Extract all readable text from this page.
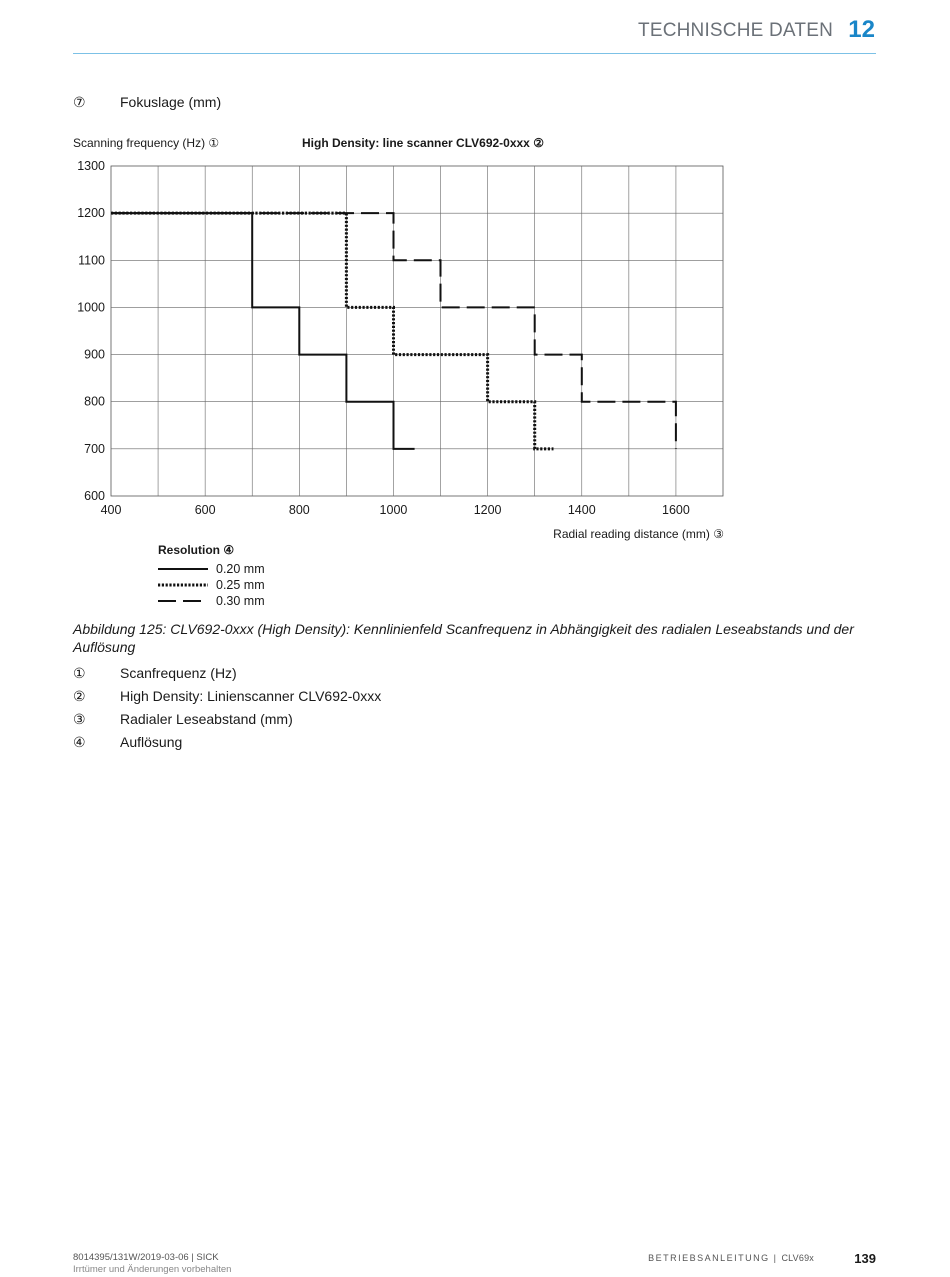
TECHNISCHE DATEN 12
⑦	Fokuslage (mm)
600
700
800
900
1000
1100
1200
1300
400	600	800	1000	1200	1400	1600
Scanning frequency (Hz) ①	High Density: line scanner CLV692-0xxx ②
Radial reading distance (mm) ③
Resolution ④
0.20 mm
0.25 mm
0.30 mm
Abbildung 125: CLV692-0xxx (High Density): Kennlinienfeld Scanfrequenz in Abhängigkeit des radialen Leseabstands und der Auflösung
①	Scanfrequenz (Hz)
②	High Density: Linienscanner CLV692-0xxx
③	Radialer Leseabstand (mm)
④	Auflösung
8014395/131W/2019-03-06 | SICK
Irrtümer und Änderungen vorbehalten
BETRIEBSANLEITUNG | CLV69x	139
